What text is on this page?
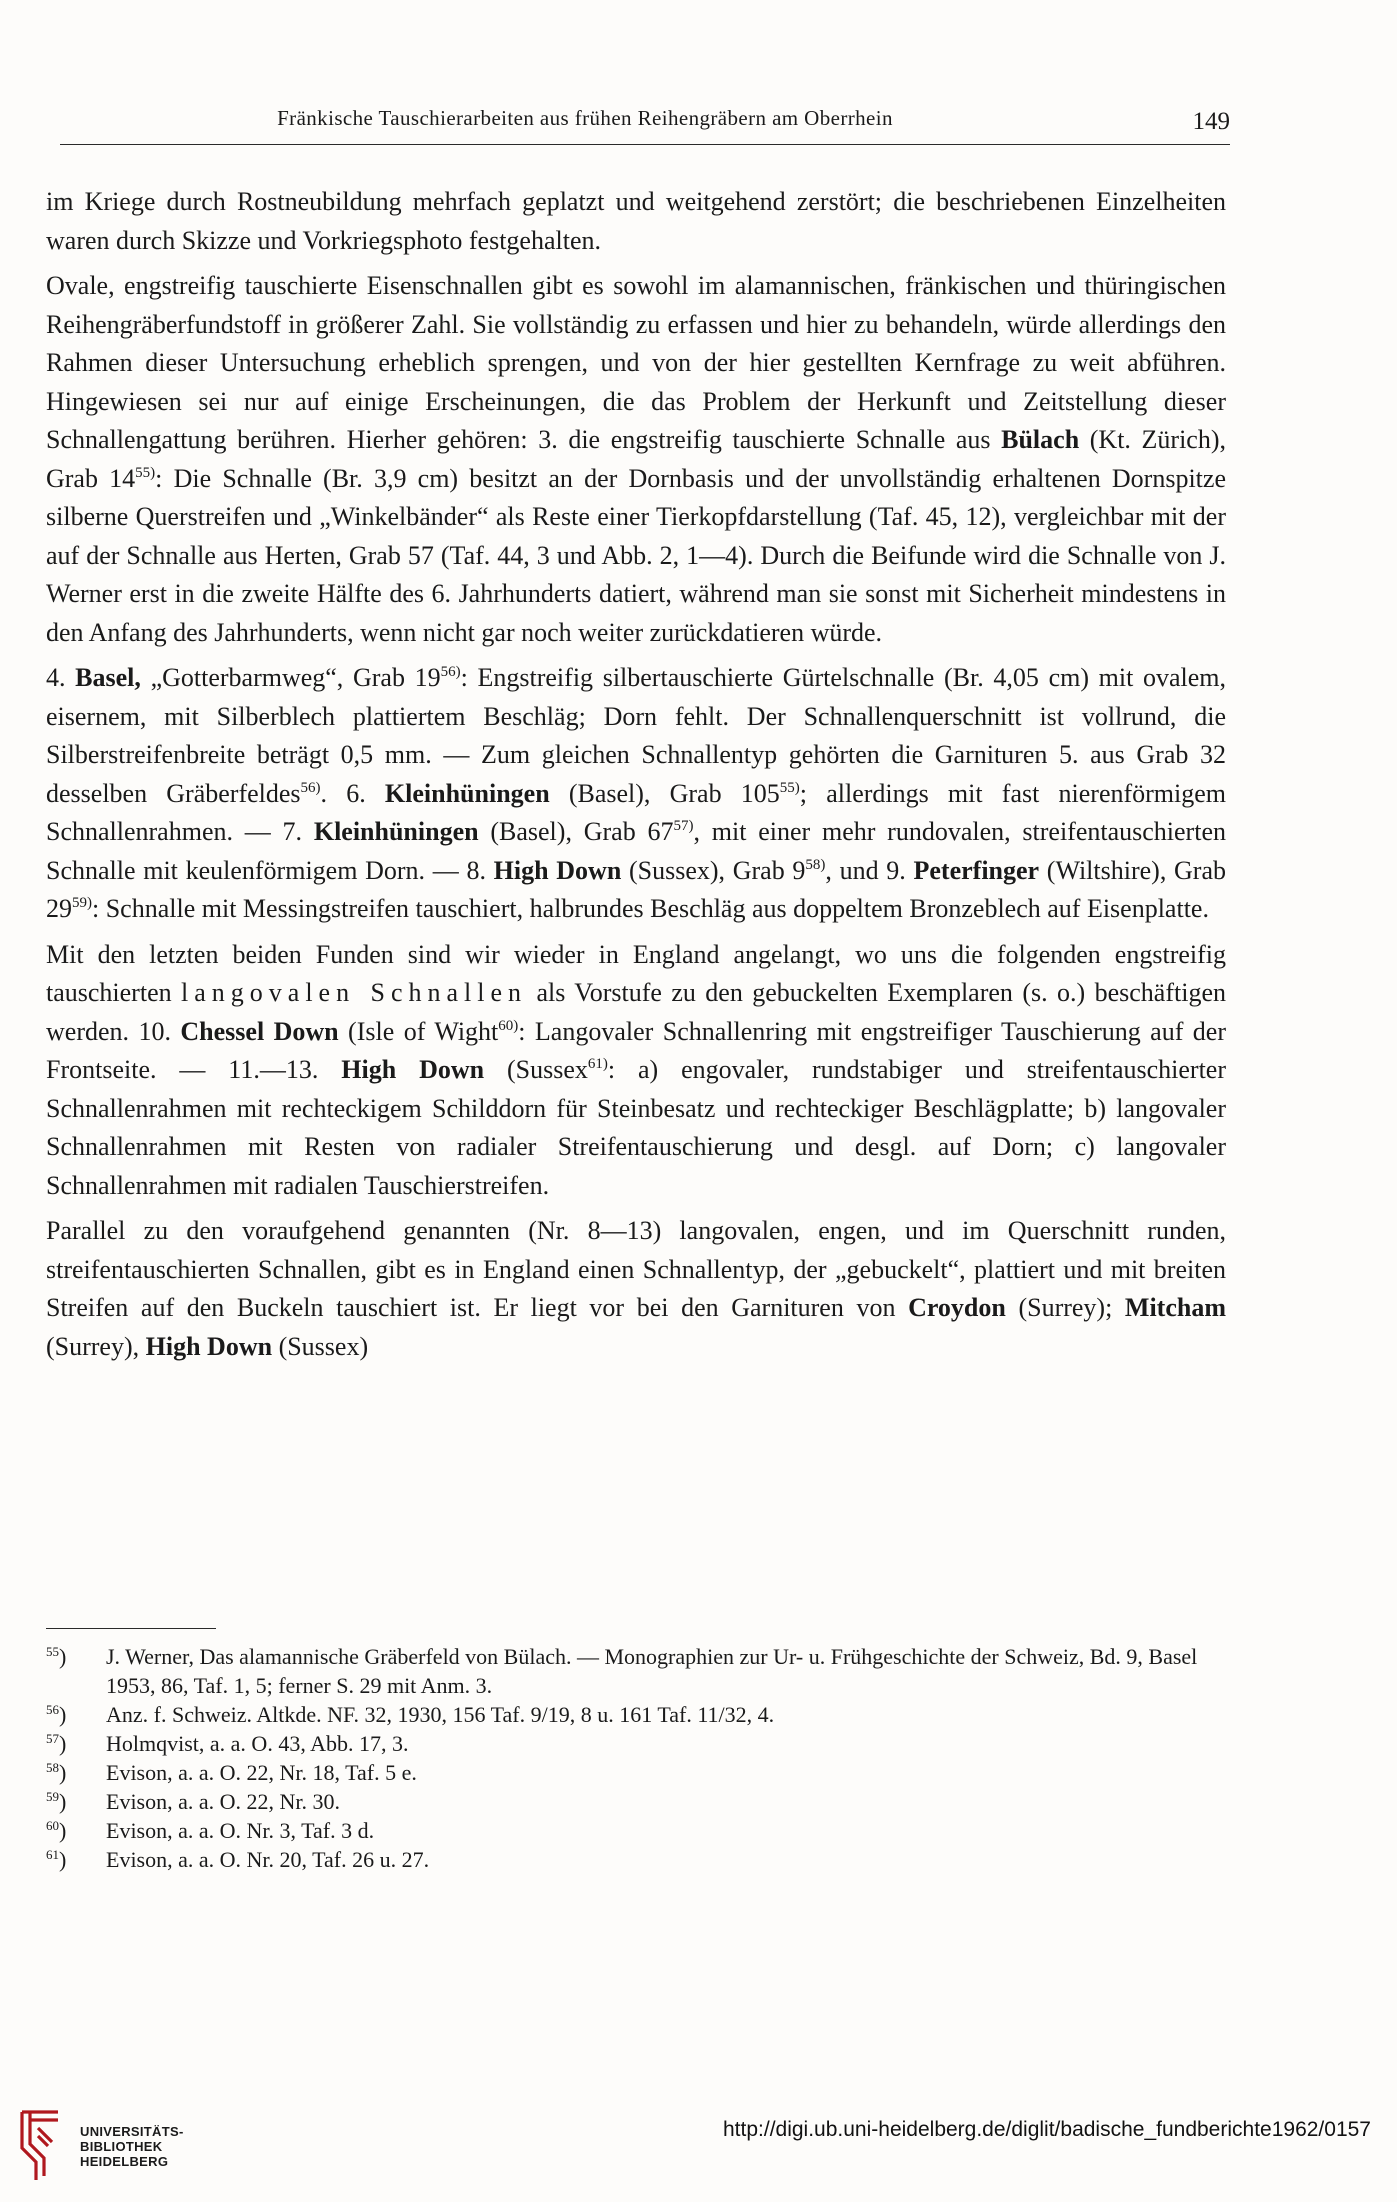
Fränkische Tauschierarbeiten aus frühen Reihengräbern am Oberrhein	149

im Kriege durch Rostneubildung mehrfach geplatzt und weitgehend zerstört; die beschriebenen Einzelheiten waren durch Skizze und Vorkriegsphoto festgehalten.

Ovale, engstreifig tauschierte Eisenschnallen gibt es sowohl im alamannischen, fränkischen und thüringischen Reihengräberfundstoff in größerer Zahl. Sie vollständig zu erfassen und hier zu behandeln, würde allerdings den Rahmen dieser Untersuchung erheblich sprengen, und von der hier gestellten Kernfrage zu weit abführen. Hingewiesen sei nur auf einige Erscheinungen, die das Problem der Herkunft und Zeitstellung dieser Schnallengattung berühren. Hierher gehören: 3. die engstreifig tauschierte Schnalle aus Bülach (Kt. Zürich), Grab 14$^{55)}$: Die Schnalle (Br. 3,9 cm) besitzt an der Dornbasis und der unvollständig erhaltenen Dornspitze silberne Querstreifen und „Winkelbänder“ als Reste einer Tierkopfdarstellung (Taf. 45, 12), vergleichbar mit der auf der Schnalle aus Herten, Grab 57 (Taf. 44, 3 und Abb. 2, 1—4). Durch die Beifunde wird die Schnalle von J. Werner erst in die zweite Hälfte des 6. Jahrhunderts datiert, während man sie sonst mit Sicherheit mindestens in den Anfang des Jahrhunderts, wenn nicht gar noch weiter zurückdatieren würde.

4. Basel, „Gotterbarmweg“, Grab 19$^{56)}$: Engstreifig silbertauschierte Gürtelschnalle (Br. 4,05 cm) mit ovalem, eisernem, mit Silberblech plattiertem Beschläg; Dorn fehlt. Der Schnallenquerschnitt ist vollrund, die Silberstreifenbreite beträgt 0,5 mm. — Zum gleichen Schnallentyp gehörten die Garnituren 5. aus Grab 32 desselben Gräberfeldes$^{56)}$. 6. Kleinhüningen (Basel), Grab 105$^{55)}$; allerdings mit fast nierenförmigem Schnallenrahmen. — 7. Kleinhüningen (Basel), Grab 67$^{57)}$, mit einer mehr rundovalen, streifentauschierten Schnalle mit keulenförmigem Dorn. — 8. High Down (Sussex), Grab 9$^{58)}$, und 9. Peterfinger (Wiltshire), Grab 29$^{59)}$: Schnalle mit Messingstreifen tauschiert, halbrundes Beschläg aus doppeltem Bronzeblech auf Eisenplatte.

Mit den letzten beiden Funden sind wir wieder in England angelangt, wo uns die folgenden engstreifig tauschierten langovalen Schnallen als Vorstufe zu den gebuckelten Exemplaren (s. o.) beschäftigen werden. 10. Chessel Down (Isle of Wight$^{60)}$: Langovaler Schnallenring mit engstreifiger Tauschierung auf der Frontseite. — 11.—13. High Down (Sussex$^{61)}$: a) engovaler, rundstabiger und streifentauschierter Schnallenrahmen mit rechteckigem Schilddorn für Steinbesatz und rechteckiger Beschlägplatte; b) langovaler Schnallenrahmen mit Resten von radialer Streifentauschierung und desgl. auf Dorn; c) langovaler Schnallenrahmen mit radialen Tauschierstreifen.

Parallel zu den voraufgehend genannten (Nr. 8—13) langovalen, engen, und im Querschnitt runden, streifentauschierten Schnallen, gibt es in England einen Schnallentyp, der „gebuckelt“, plattiert und mit breiten Streifen auf den Buckeln tauschiert ist. Er liegt vor bei den Garnituren von Croydon (Surrey); Mitcham (Surrey), High Down (Sussex)

$^{55}$) J. Werner, Das alamannische Gräberfeld von Bülach. — Monographien zur Ur- u. Frühgeschichte der Schweiz, Bd. 9, Basel 1953, 86, Taf. 1, 5; ferner S. 29 mit Anm. 3.
$^{56}$) Anz. f. Schweiz. Altkde. NF. 32, 1930, 156 Taf. 9/19, 8 u. 161 Taf. 11/32, 4.
$^{57}$) Holmqvist, a. a. O. 43, Abb. 17, 3.
$^{58}$) Evison, a. a. O. 22, Nr. 18, Taf. 5 e.
$^{59}$) Evison, a. a. O. 22, Nr. 30.
$^{60}$) Evison, a. a. O. Nr. 3, Taf. 3 d.
$^{61}$) Evison, a. a. O. Nr. 20, Taf. 26 u. 27.
UNIVERSITÄTS-
BIBLIOTHEK
HEIDELBERG
http://digi.ub.uni-heidelberg.de/diglit/badische_fundberichte1962/0157
